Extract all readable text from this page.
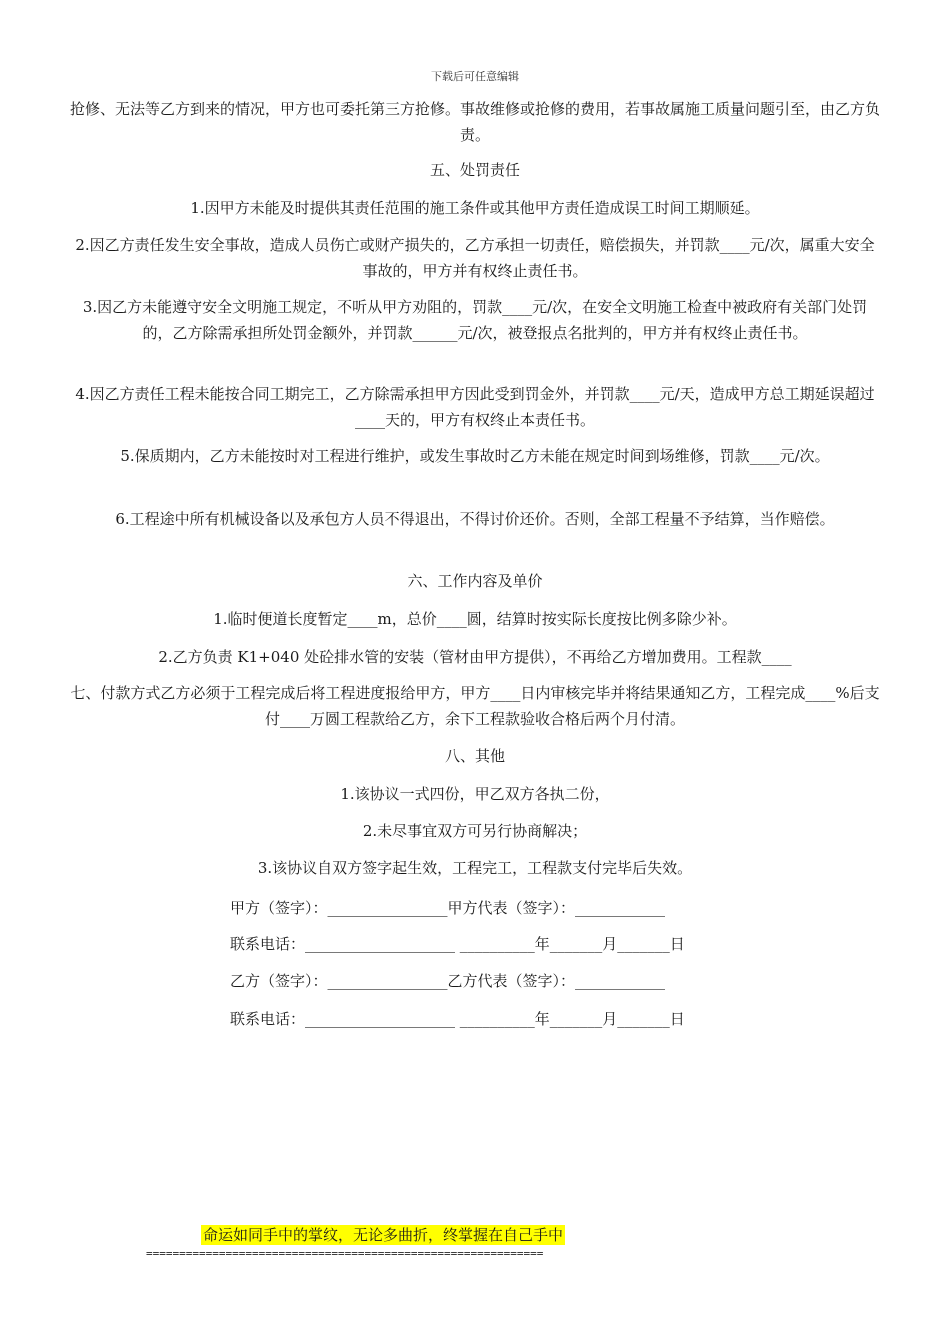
下载后可任意编辑
抢修、无法等乙方到来的情况，甲方也可委托第三方抢修。事故维修或抢修的费用，若事故属施工质量问题引至，由乙方负责。
五、处罚责任
1.因甲方未能及时提供其责任范围的施工条件或其他甲方责任造成误工时间工期顺延。
2.因乙方责任发生安全事故，造成人员伤亡或财产损失的，乙方承担一切责任，赔偿损失，并罚款____元/次，属重大安全事故的，甲方并有权终止责任书。
3.因乙方未能遵守安全文明施工规定，不听从甲方劝阻的，罚款____元/次，在安全文明施工检查中被政府有关部门处罚的，乙方除需承担所处罚金额外，并罚款______元/次，被登报点名批判的，甲方并有权终止责任书。
4.因乙方责任工程未能按合同工期完工，乙方除需承担甲方因此受到罚金外，并罚款____元/天，造成甲方总工期延误超过____天的，甲方有权终止本责任书。
5.保质期内，乙方未能按时对工程进行维护，或发生事故时乙方未能在规定时间到场维修，罚款____元/次。
6.工程途中所有机械设备以及承包方人员不得退出，不得讨价还价。否则，全部工程量不予结算，当作赔偿。
六、工作内容及单价
1.临时便道长度暂定____m，总价____圆，结算时按实际长度按比例多除少补。
2.乙方负责 K1+040 处砼排水管的安装（管材由甲方提供），不再给乙方增加费用。工程款____
七、付款方式乙方必须于工程完成后将工程进度报给甲方，甲方____日内审核完毕并将结果通知乙方，工程完成____%后支付____万圆工程款给乙方，余下工程款验收合格后两个月付清。
八、其他
1.该协议一式四份，甲乙双方各执二份，
2.未尽事宜双方可另行协商解决；
3.该协议自双方签字起生效，工程完工，工程款支付完毕后失效。
甲方（签字）：________________甲方代表（签字）：____________
联系电话：____________________ __________年_______月_______日
乙方（签字）：________________乙方代表（签字）：____________
联系电话：____________________ __________年_______月_______日
命运如同手中的掌纹，无论多曲折，终掌握在自己手中
============================================================
